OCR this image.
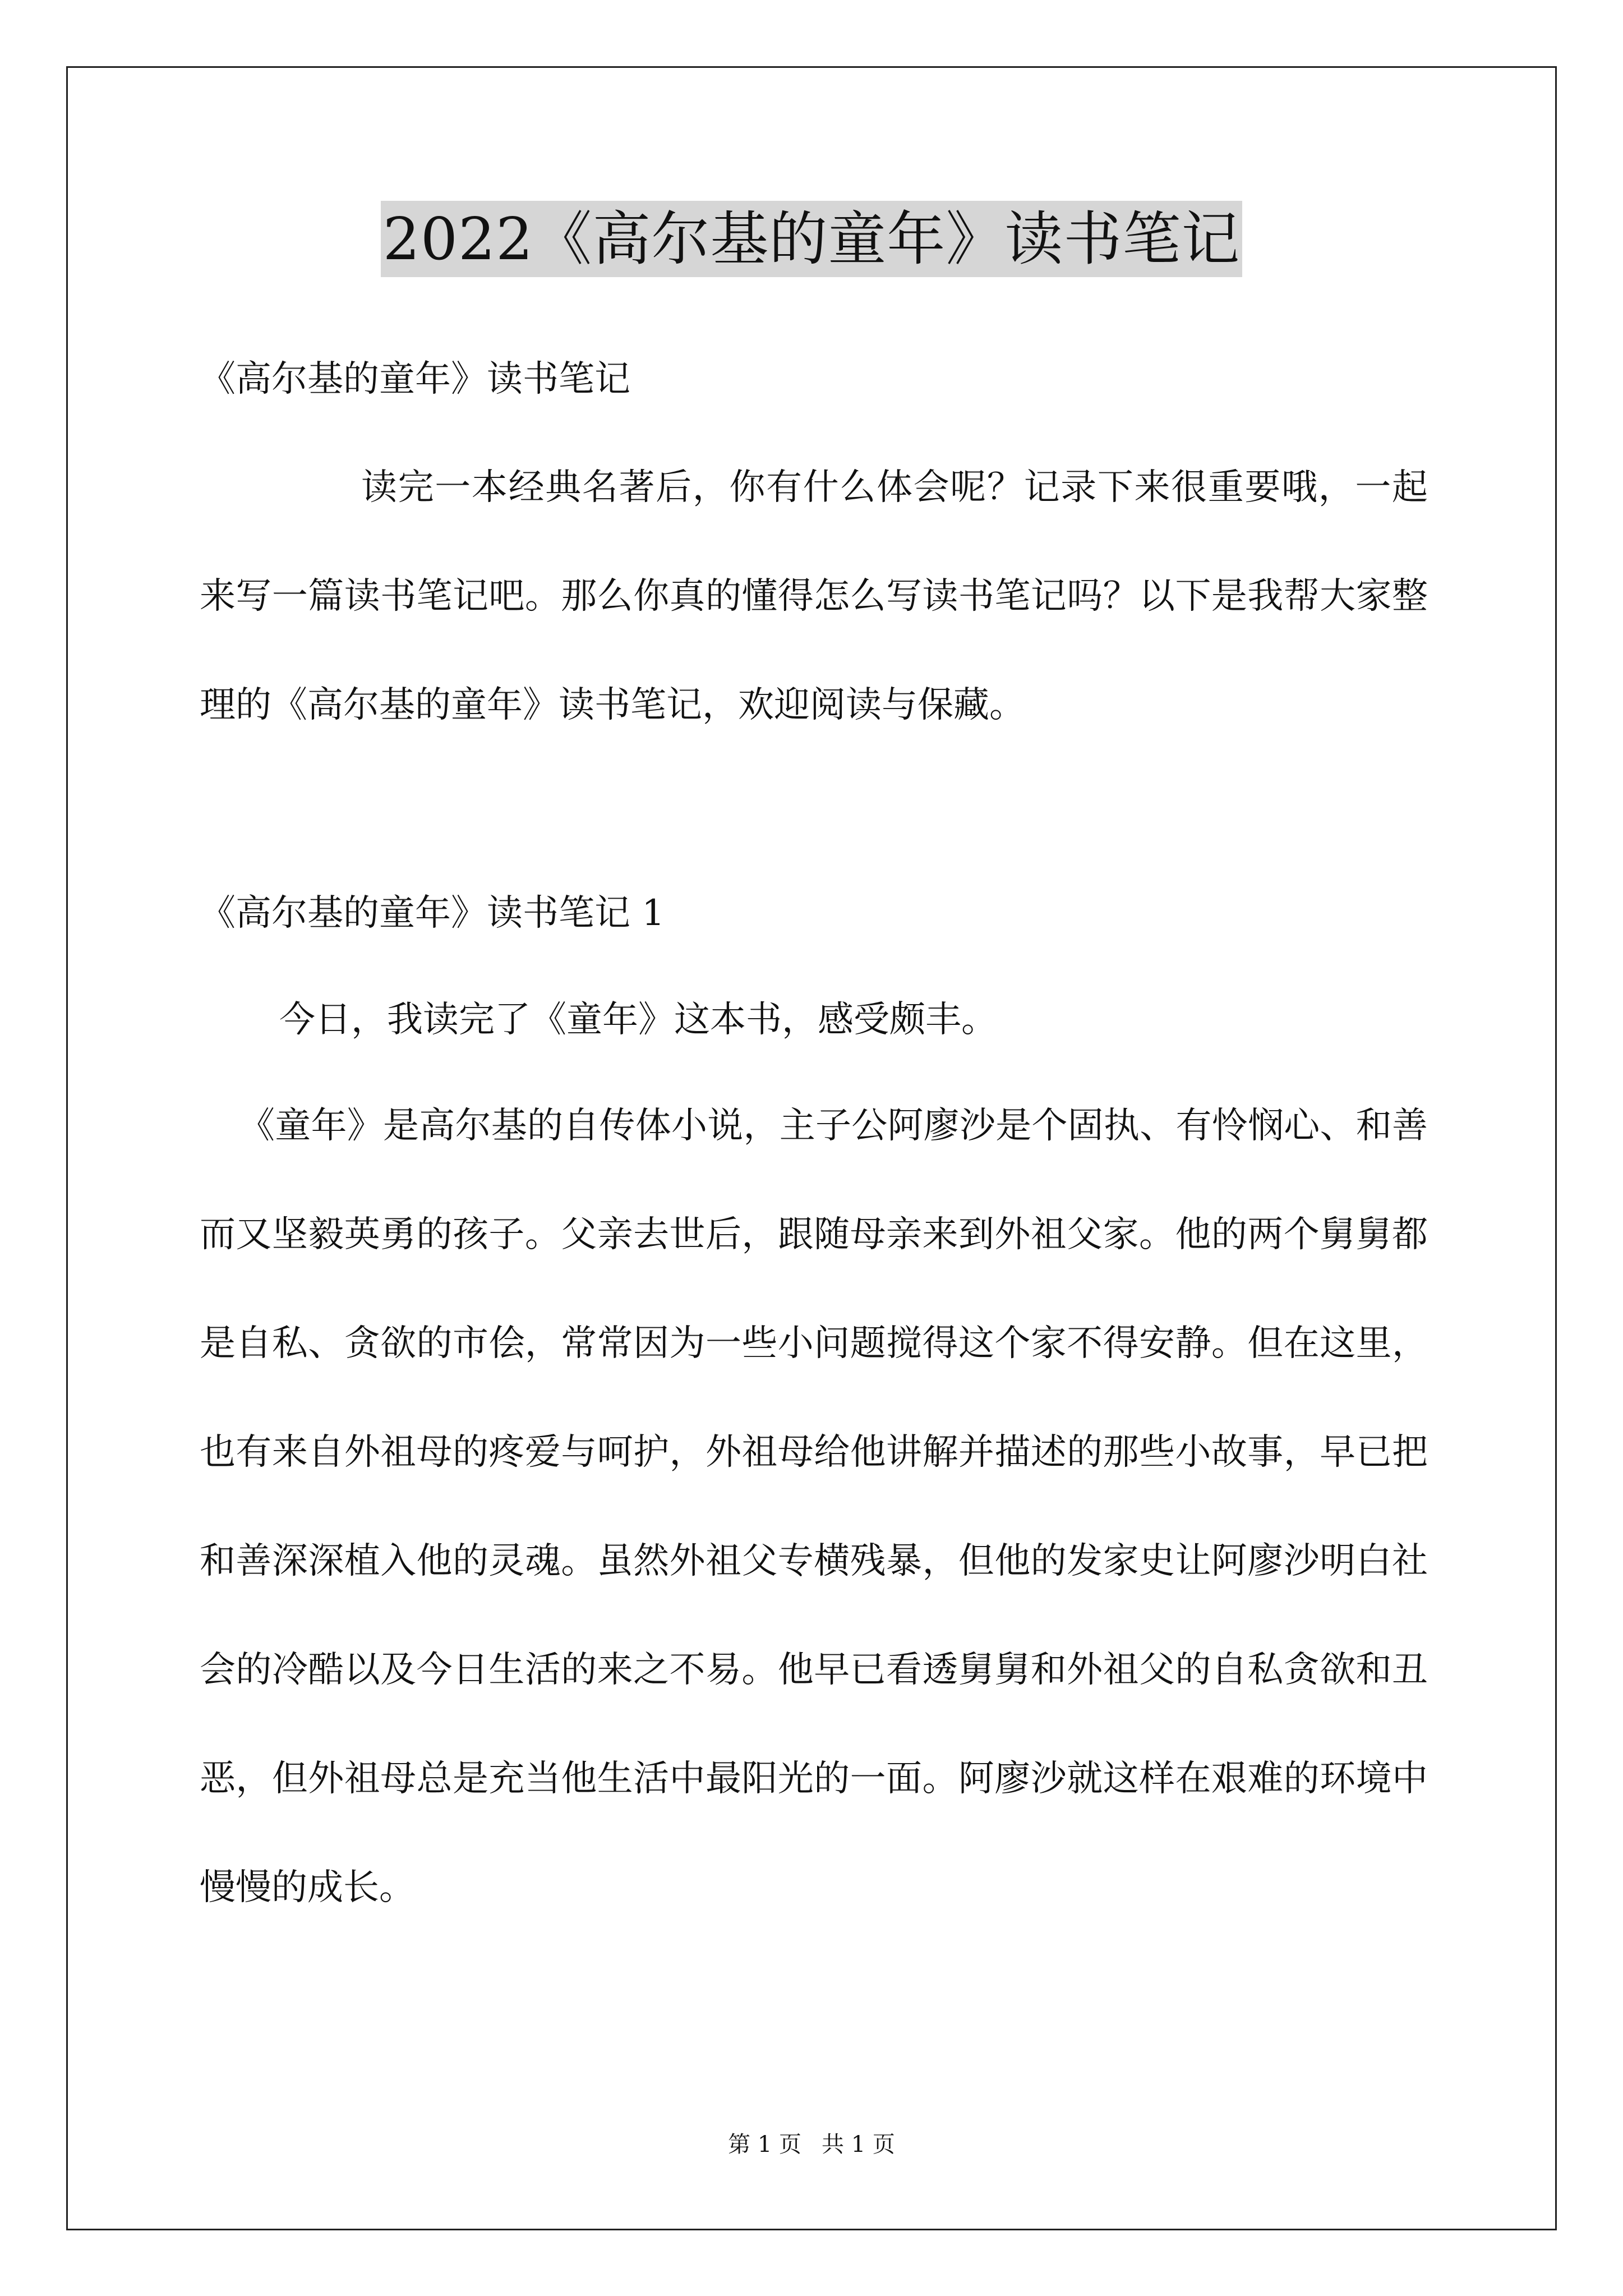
2022《高尔基的童年》读书笔记
《高尔基的童年》读书笔记
读完一本经典名著后，你有什么体会呢？记录下来很重要哦，一起来写一篇读书笔记吧。那么你真的懂得怎么写读书笔记吗？以下是我帮大家整理的《高尔基的童年》读书笔记，欢迎阅读与保藏。
《高尔基的童年》读书笔记 1
今日，我读完了《童年》这本书，感受颇丰。
《童年》是高尔基的自传体小说，主子公阿廖沙是个固执、有怜悯心、和善而又坚毅英勇的孩子。父亲去世后，跟随母亲来到外祖父家。他的两个舅舅都是自私、贪欲的市侩，常常因为一些小问题搅得这个家不得安静。但在这里，也有来自外祖母的疼爱与呵护，外祖母给他讲解并描述的那些小故事，早已把和善深深植入他的灵魂。虽然外祖父专横残暴，但他的发家史让阿廖沙明白社会的冷酷以及今日生活的来之不易。他早已看透舅舅和外祖父的自私贪欲和丑恶，但外祖母总是充当他生活中最阳光的一面。阿廖沙就这样在艰难的环境中慢慢的成长。
第 1 页 共 1 页
